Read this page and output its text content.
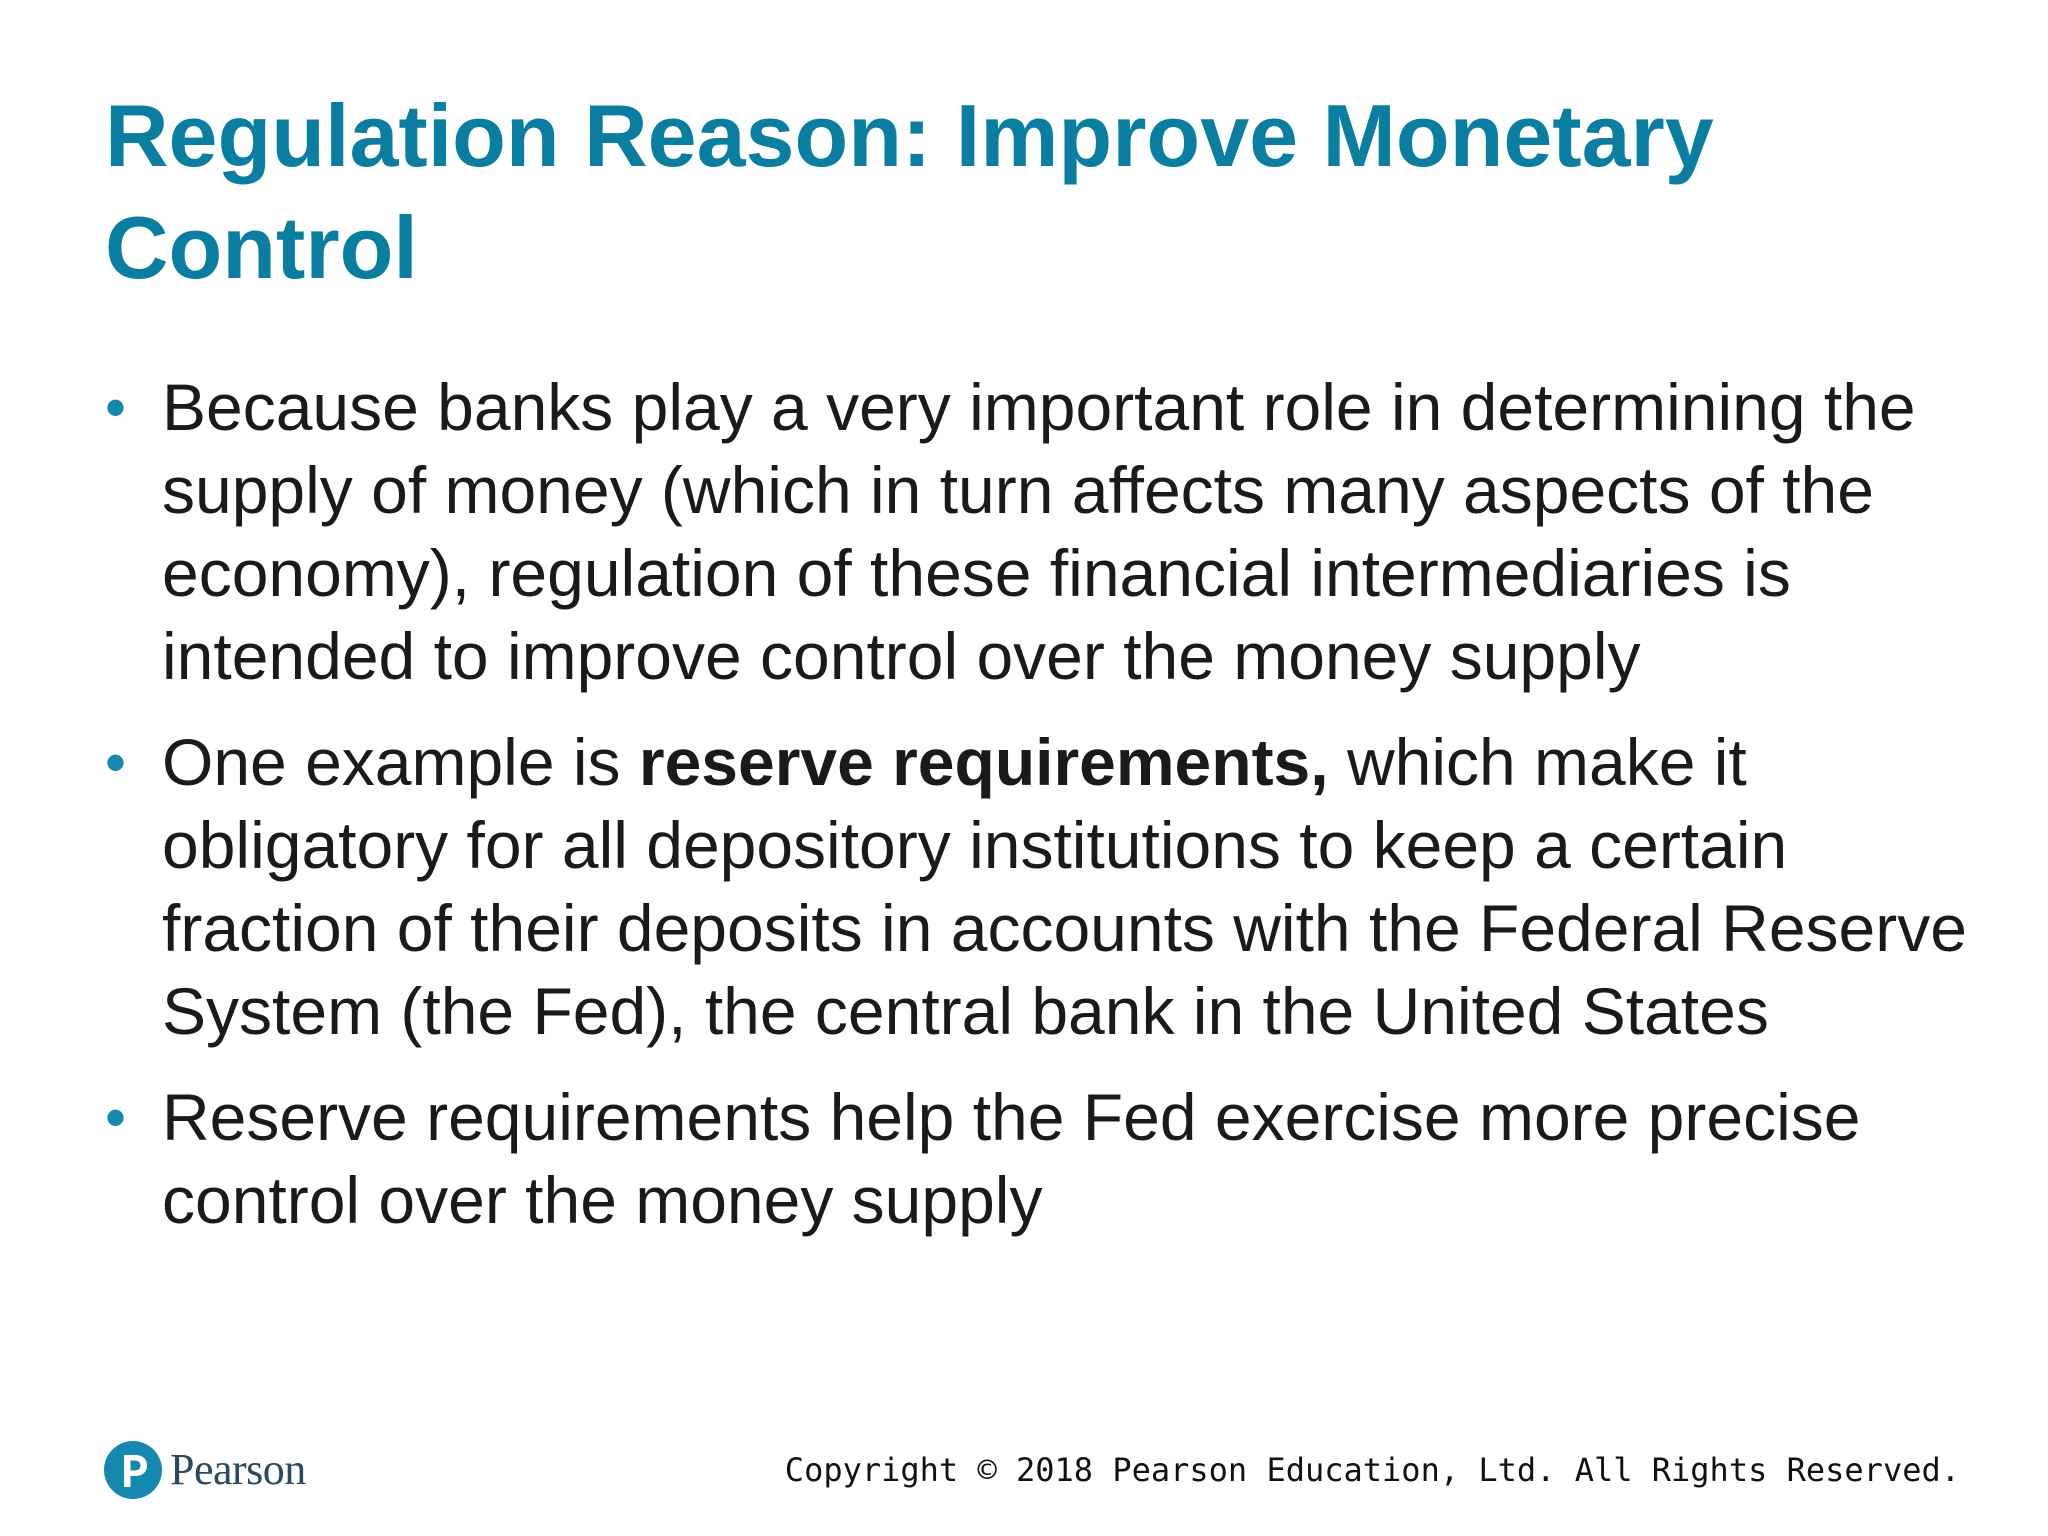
Regulation Reason: Improve Monetary Control
• Because banks play a very important role in determining the supply of money (which in turn affects many aspects of the economy), regulation of these financial intermediaries is intended to improve control over the money supply
• One example is reserve requirements, which make it obligatory for all depository institutions to keep a certain fraction of their deposits in accounts with the Federal Reserve System (the Fed), the central bank in the United States
• Reserve requirements help the Fed exercise more precise control over the money supply
Pearson	Copyright © 2018 Pearson Education, Ltd. All Rights Reserved.
